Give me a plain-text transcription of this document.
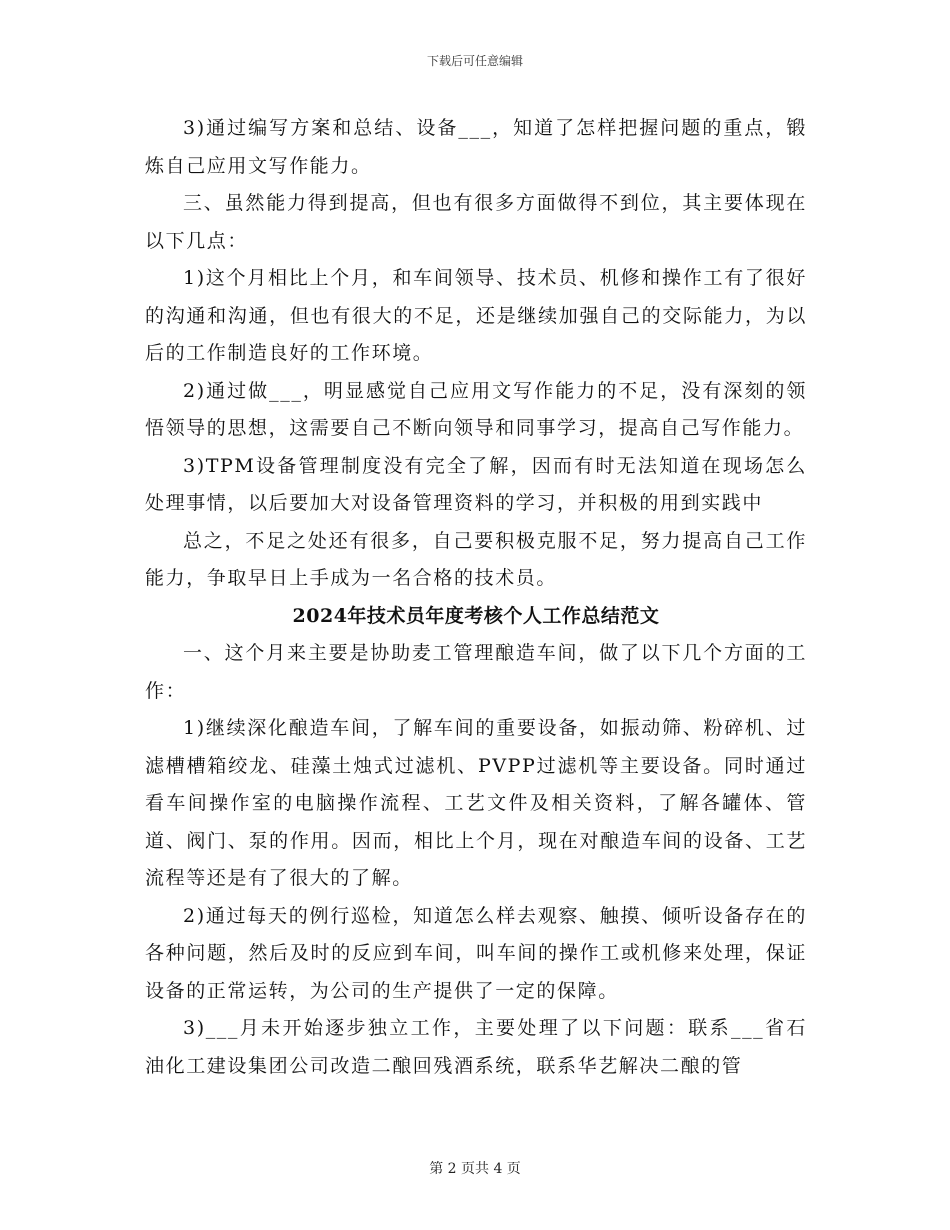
下载后可任意编辑

3)通过编写方案和总结、设备___，知道了怎样把握问题的重点，锻炼自己应用文写作能力。

三、虽然能力得到提高，但也有很多方面做得不到位，其主要体现在以下几点：

1)这个月相比上个月，和车间领导、技术员、机修和操作工有了很好的沟通和沟通，但也有很大的不足，还是继续加强自己的交际能力，为以后的工作制造良好的工作环境。

2)通过做___，明显感觉自己应用文写作能力的不足，没有深刻的领悟领导的思想，这需要自己不断向领导和同事学习，提高自己写作能力。

3)TPM设备管理制度没有完全了解，因而有时无法知道在现场怎么处理事情，以后要加大对设备管理资料的学习，并积极的用到实践中

总之，不足之处还有很多，自己要积极克服不足，努力提高自己工作能力，争取早日上手成为一名合格的技术员。

2024年技术员年度考核个人工作总结范文

一、这个月来主要是协助麦工管理酿造车间，做了以下几个方面的工作：

1)继续深化酿造车间，了解车间的重要设备，如振动筛、粉碎机、过滤槽槽箱绞龙、硅藻土烛式过滤机、PVPP过滤机等主要设备。同时通过看车间操作室的电脑操作流程、工艺文件及相关资料，了解各罐体、管道、阀门、泵的作用。因而，相比上个月，现在对酿造车间的设备、工艺流程等还是有了很大的了解。

2)通过每天的例行巡检，知道怎么样去观察、触摸、倾听设备存在的各种问题，然后及时的反应到车间，叫车间的操作工或机修来处理，保证设备的正常运转，为公司的生产提供了一定的保障。

3)___月未开始逐步独立工作，主要处理了以下问题：联系___省石油化工建设集团公司改造二酿回残酒系统，联系华艺解决二酿的管

第 2 页共 4 页
